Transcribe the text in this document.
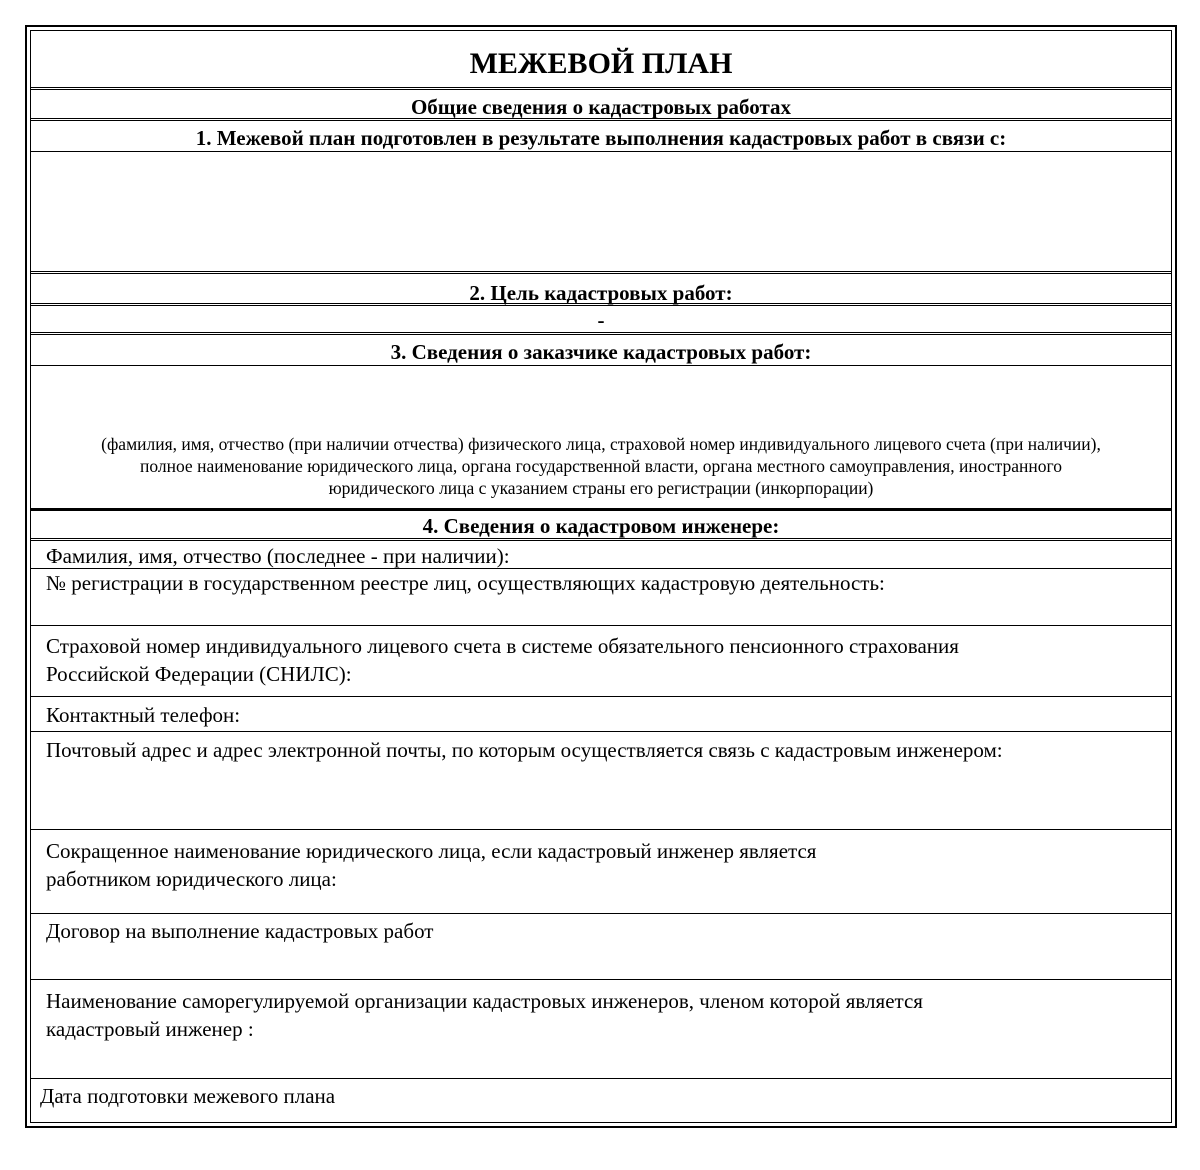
МЕЖЕВОЙ ПЛАН
Общие сведения о кадастровых работах
1. Межевой план подготовлен в результате выполнения кадастровых работ в связи с:
2. Цель кадастровых работ:
-
3. Сведения о заказчике кадастровых работ:
(фамилия, имя, отчество (при наличии отчества) физического лица, страховой номер индивидуального лицевого счета (при наличии),
полное наименование юридического лица, органа государственной власти, органа местного самоуправления, иностранного
юридического лица с указанием страны его регистрации (инкорпорации)
4. Сведения о кадастровом инженере:
Фамилия, имя, отчество (последнее - при наличии):
№ регистрации в государственном реестре лиц, осуществляющих кадастровую деятельность:
Страховой номер индивидуального лицевого счета в системе обязательного пенсионного страхования
Российской Федерации (СНИЛС):
Контактный телефон:
Почтовый адрес и адрес электронной почты, по которым осуществляется связь с кадастровым инженером:
Сокращенное наименование юридического лица, если кадастровый инженер является
работником юридического лица:
Договор на выполнение кадастровых работ
Наименование саморегулируемой организации кадастровых инженеров, членом которой является
кадастровый инженер :
Дата подготовки межевого плана
